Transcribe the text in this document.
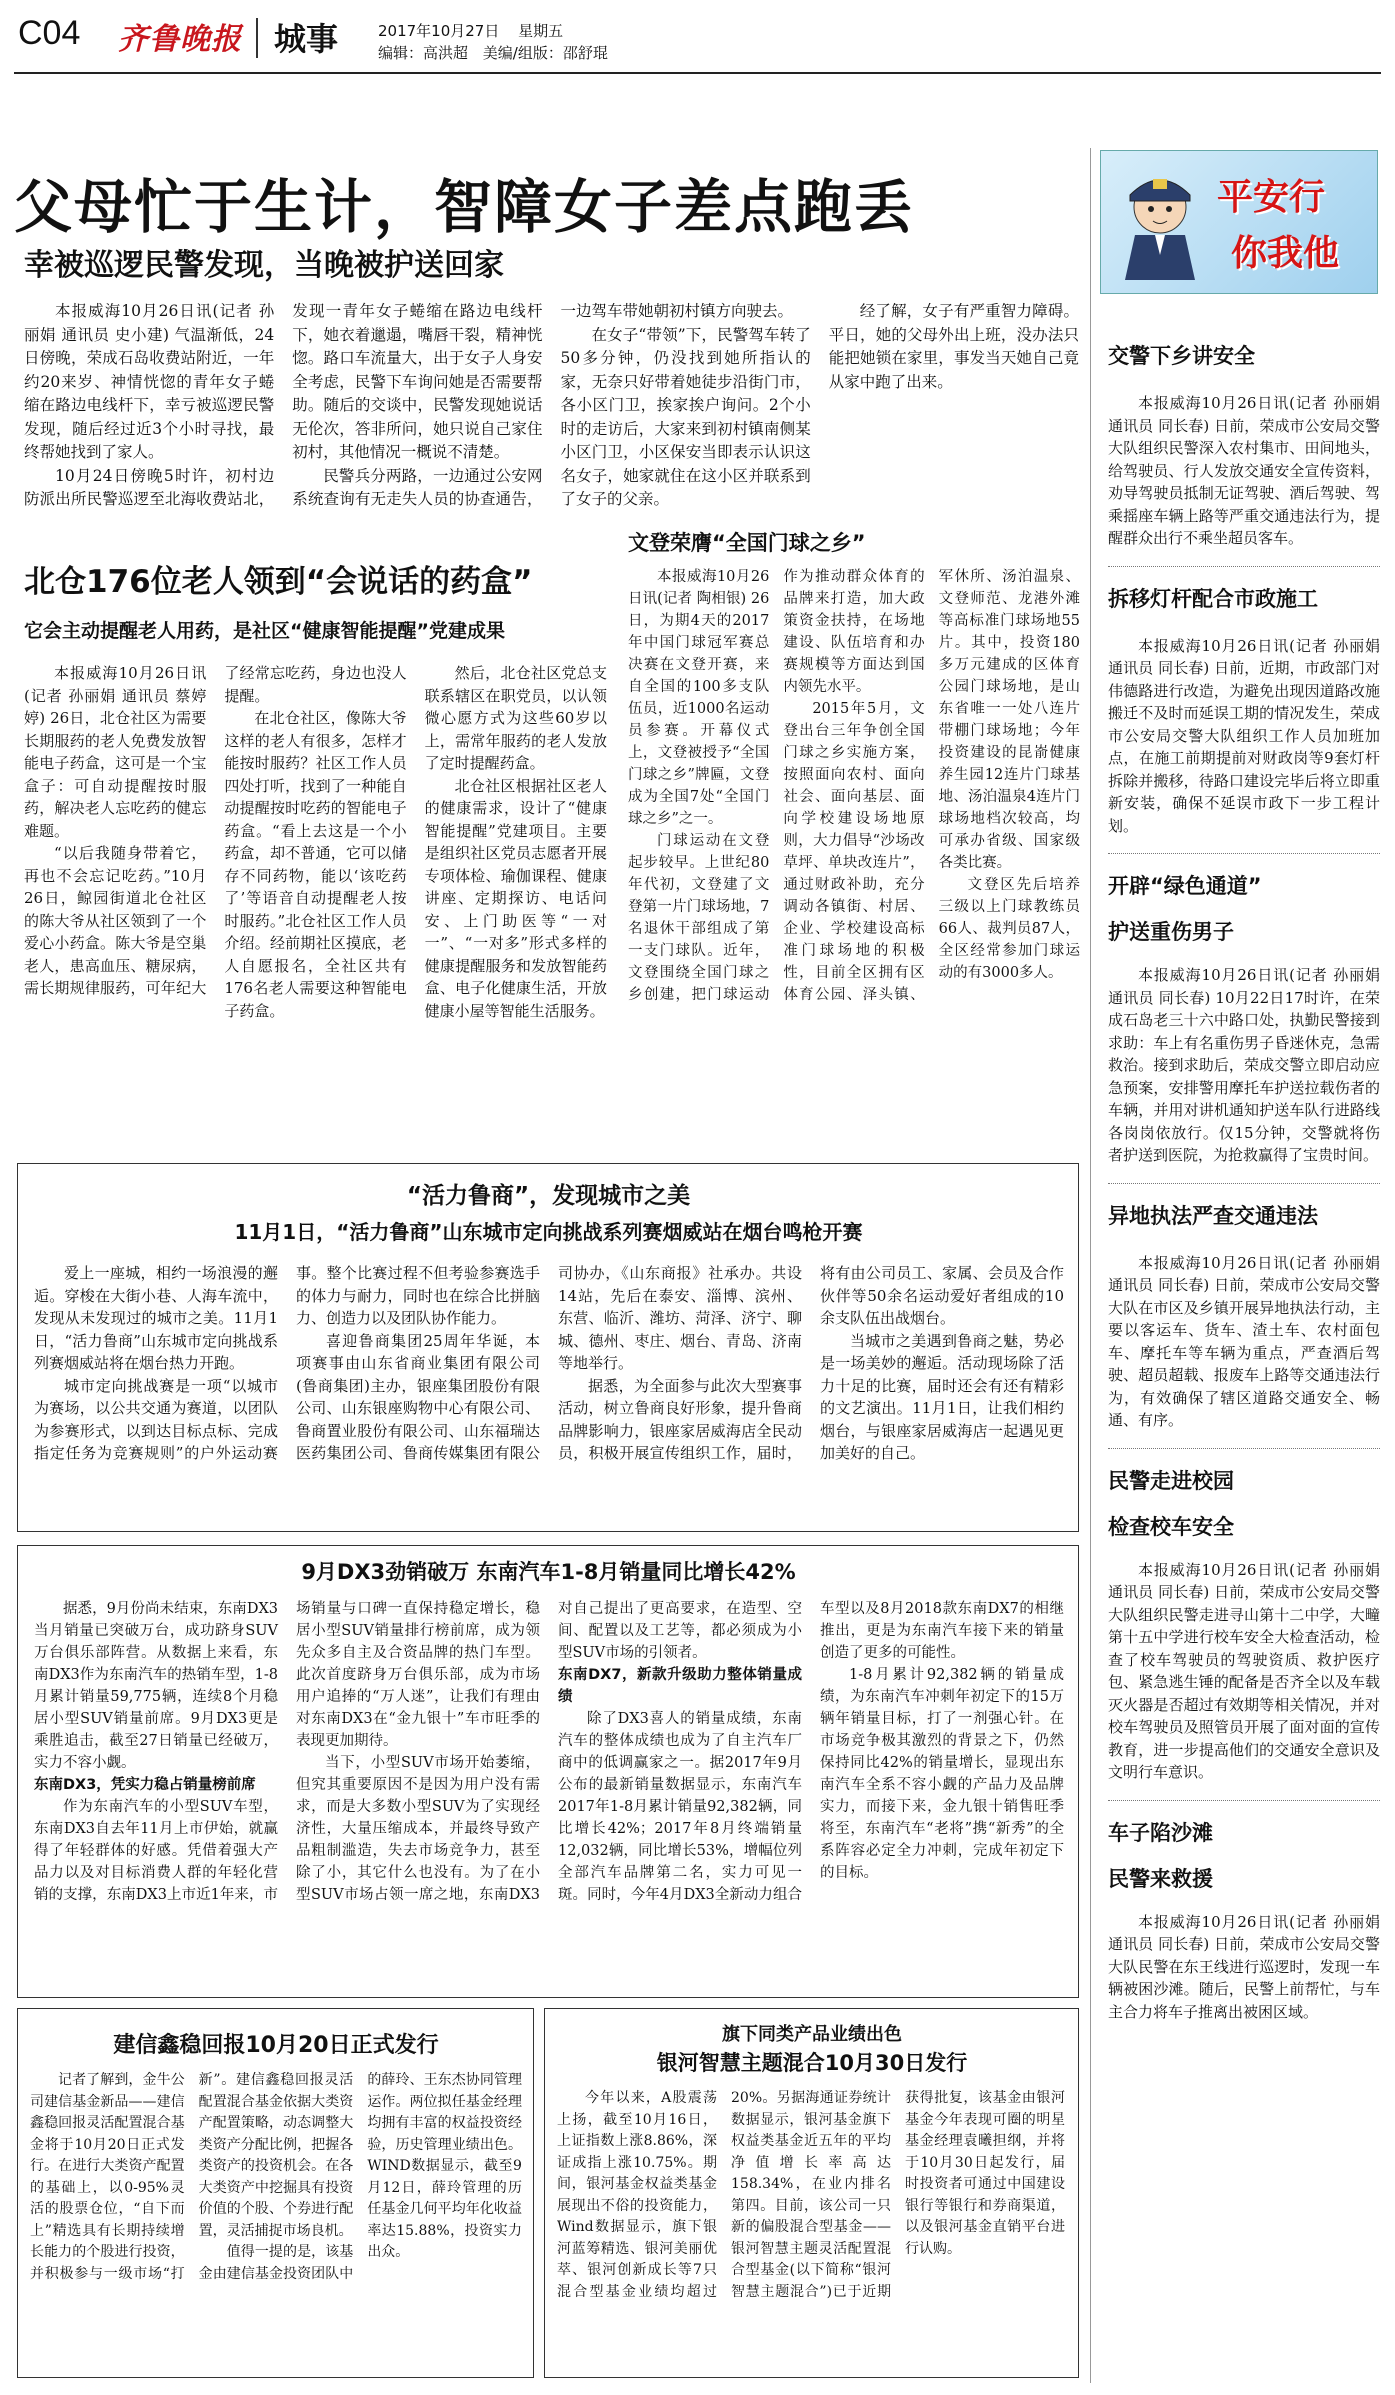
C04 齐鲁晚报 城事	2017年10月27日 星期五
编辑：高洪超 美编/组版：邵舒琨
父母忙于生计，智障女子差点跑丢
幸被巡逻民警发现，当晚被护送回家

本报威海10月26日讯(记者 孙丽娟 通讯员 史小建) 气温渐低，24日傍晚，荣成石岛收费站附近，一年约20来岁、神情恍惚的青年女子蜷缩在路边电线杆下，幸亏被巡逻民警发现，随后经过近3个小时寻找，最终帮她找到了家人。

10月24日傍晚5时许，初村边防派出所民警巡逻至北海收费站北，发现一青年女子蜷缩在路边电线杆下，她衣着邋遢，嘴唇干裂，精神恍惚。路口车流量大，出于女子人身安全考虑，民警下车询问她是否需要帮助。随后的交谈中，民警发现她说话无伦次，答非所问，她只说自己家住初村，其他情况一概说不清楚。

民警兵分两路，一边通过公安网系统查询有无走失人员的协查通告，一边驾车带她朝初村镇方向驶去。

在女子“带领”下，民警驾车转了50多分钟，仍没找到她所指认的家，无奈只好带着她徒步沿街门市，各小区门卫，挨家挨户询问。2个小时的走访后，大家来到初村镇南侧某小区门卫，小区保安当即表示认识这名女子，她家就住在这小区并联系到了女子的父亲。

经了解，女子有严重智力障碍。平日，她的父母外出上班，没办法只能把她锁在家里，事发当天她自己竟从家中跑了出来。

平安行
你我他
北仓176位老人领到“会说话的药盒”
它会主动提醒老人用药，是社区“健康智能提醒”党建成果

本报威海10月26日讯(记者 孙丽娟 通讯员 蔡婷婷) 26日，北仓社区为需要长期服药的老人免费发放智能电子药盒，这可是一个宝盒子：可自动提醒按时服药，解决老人忘吃药的健忘难题。

“以后我随身带着它，再也不会忘记吃药。”10月26日，鲸园街道北仓社区的陈大爷从社区领到了一个爱心小药盒。陈大爷是空巢老人，患高血压、糖尿病，需长期规律服药，可年纪大了经常忘吃药，身边也没人提醒。

在北仓社区，像陈大爷这样的老人有很多，怎样才能按时服药？社区工作人员四处打听，找到了一种能自动提醒按时吃药的智能电子药盒。“看上去这是一个小药盒，却不普通，它可以储存不同药物，能以‘该吃药了’等语音自动提醒老人按时服药。”北仓社区工作人员介绍。经前期社区摸底，老人自愿报名，全社区共有176名老人需要这种智能电子药盒。

然后，北仓社区党总支联系辖区在职党员，以认领微心愿方式为这些60岁以上，需常年服药的老人发放了定时提醒药盒。

北仓社区根据社区老人的健康需求，设计了“健康智能提醒”党建项目。主要是组织社区党员志愿者开展专项体检、瑜伽课程、健康讲座、定期探访、电话问安、上门助医等“一对一”、“一对多”形式多样的健康提醒服务和发放智能药盒、电子化健康生活，开放健康小屋等智能生活服务。

文登荣膺“全国门球之乡”

本报威海10月26日讯(记者 陶相银) 26日，为期4天的2017年中国门球冠军赛总决赛在文登开赛，来自全国的100多支队伍员，近1000名运动员参赛。开幕仪式上，文登被授予“全国门球之乡”牌匾，文登成为全国7处“全国门球之乡”之一。

门球运动在文登起步较早。上世纪80年代初，文登建了文登第一片门球场地，7名退休干部组成了第一支门球队。近年，文登围绕全国门球之乡创建，把门球运动作为推动群众体育的品牌来打造，加大政策资金扶持，在场地建设、队伍培育和办赛规模等方面达到国内领先水平。

2015年5月，文登出台三年争创全国门球之乡实施方案，按照面向农村、面向社会、面向基层、面向学校建设场地原则，大力倡导“沙场改草坪、单块改连片”，通过财政补助，充分调动各镇街、村居、企业、学校建设高标准门球场地的积极性，目前全区拥有区体育公园、泽头镇、军休所、汤泊温泉、文登师范、龙港外滩等高标准门球场地55片。其中，投资180多万元建成的区体育公园门球场地，是山东省唯一一处八连片带棚门球场地；今年投资建设的昆嵛健康养生园12连片门球基地、汤泊温泉4连片门球场地档次较高，均可承办省级、国家级各类比赛。

文登区先后培养三级以上门球教练员66人、裁判员87人，全区经常参加门球运动的有3000多人。

“活力鲁商”，发现城市之美
11月1日，“活力鲁商”山东城市定向挑战系列赛烟威站在烟台鸣枪开赛

爱上一座城，相约一场浪漫的邂逅。穿梭在大街小巷、人海车流中，发现从未发现过的城市之美。11月1日，“活力鲁商”山东城市定向挑战系列赛烟威站将在烟台热力开跑。

城市定向挑战赛是一项“以城市为赛场，以公共交通为赛道，以团队为参赛形式，以到达目标点标、完成指定任务为竞赛规则”的户外运动赛事。整个比赛过程不但考验参赛选手的体力与耐力，同时也在综合比拼脑力、创造力以及团队协作能力。

喜迎鲁商集团25周年华诞，本项赛事由山东省商业集团有限公司(鲁商集团)主办，银座集团股份有限公司、山东银座购物中心有限公司、鲁商置业股份有限公司、山东福瑞达医药集团公司、鲁商传媒集团有限公司协办，《山东商报》社承办。共设14站，先后在泰安、淄博、滨州、东营、临沂、潍坊、菏泽、济宁、聊城、德州、枣庄、烟台、青岛、济南等地举行。

据悉，为全面参与此次大型赛事活动，树立鲁商良好形象，提升鲁商品牌影响力，银座家居威海店全民动员，积极开展宣传组织工作，届时，将有由公司员工、家属、会员及合作伙伴等50余名运动爱好者组成的10余支队伍出战烟台。

当城市之美遇到鲁商之魅，势必是一场美妙的邂逅。活动现场除了活力十足的比赛，届时还会有还有精彩的文艺演出。11月1日，让我们相约烟台，与银座家居威海店一起遇见更加美好的自己。

9月DX3劲销破万 东南汽车1-8月销量同比增长42%

据悉，9月份尚未结束，东南DX3当月销量已突破万台，成功跻身SUV万台俱乐部阵营。从数据上来看，东南DX3作为东南汽车的热销车型，1-8月累计销量59,775辆，连续8个月稳居小型SUV销量前席。9月DX3更是乘胜追击，截至27日销量已经破万，实力不容小觑。

东南DX3，凭实力稳占销量榜前席

作为东南汽车的小型SUV车型，东南DX3自去年11月上市伊始，就赢得了年轻群体的好感。凭借着强大产品力以及对目标消费人群的年轻化营销的支撑，东南DX3上市近1年来，市场销量与口碑一直保持稳定增长，稳居小型SUV销量排行榜前席，成为领先众多自主及合资品牌的热门车型。此次首度跻身万台俱乐部，成为市场用户追捧的“万人迷”，让我们有理由对东南DX3在“金九银十”车市旺季的表现更加期待。

当下，小型SUV市场开始萎缩，但究其重要原因不是因为用户没有需求，而是大多数小型SUV为了实现经济性，大量压缩成本，并最终导致产品粗制滥造，失去市场竞争力，甚至除了小，其它什么也没有。为了在小型SUV市场占领一席之地，东南DX3对自己提出了更高要求，在造型、空间、配置以及工艺等，都必须成为小型SUV市场的引领者。

东南DX7，新款升级助力整体销量成绩

除了DX3喜人的销量成绩，东南汽车的整体成绩也成为了自主汽车厂商中的低调赢家之一。据2017年9月公布的最新销量数据显示，东南汽车2017年1-8月累计销量92,382辆，同比增长42%；2017年8月终端销量12,032辆，同比增长53%，增幅位列全部汽车品牌第二名，实力可见一斑。同时，今年4月DX3全新动力组合车型以及8月2018款东南DX7的相继推出，更是为东南汽车接下来的销量创造了更多的可能性。

1-8月累计92,382辆的销量成绩，为东南汽车冲刺年初定下的15万辆年销量目标，打了一剂强心针。在市场竞争极其激烈的背景之下，仍然保持同比42%的销量增长，显现出东南汽车全系不容小觑的产品力及品牌实力，而接下来，金九银十销售旺季将至，东南汽车“老将”携“新秀”的全系阵容必定全力冲刺，完成年初定下的目标。

建信鑫稳回报10月20日正式发行

记者了解到，金牛公司建信基金新品——建信鑫稳回报灵活配置混合基金将于10月20日正式发行。在进行大类资产配置的基础上，以0-95%灵活的股票仓位，“自下而上”精选具有长期持续增长能力的个股进行投资，并积极参与一级市场“打新”。建信鑫稳回报灵活配置混合基金依据大类资产配置策略，动态调整大类资产分配比例，把握各类资产的投资机会。在各大类资产中挖掘具有投资价值的个股、个券进行配置，灵活捕捉市场良机。

值得一提的是，该基金由建信基金投资团队中的薛玲、王东杰协同管理运作。两位拟任基金经理均拥有丰富的权益投资经验，历史管理业绩出色。WIND数据显示，截至9月12日，薛玲管理的历任基金几何平均年化收益率达15.88%，投资实力出众。

旗下同类产品业绩出色
银河智慧主题混合10月30日发行

今年以来，A股震荡上扬，截至10月16日，上证指数上涨8.86%，深证成指上涨10.75%。期间，银河基金权益类基金展现出不俗的投资能力，Wind数据显示，旗下银河蓝筹精选、银河美丽优萃、银河创新成长等7只混合型基金业绩均超过20%。另据海通证券统计数据显示，银河基金旗下权益类基金近五年的平均净值增长率高达158.34%，在业内排名第四。目前，该公司一只新的偏股混合型基金——银河智慧主题灵活配置混合型基金(以下简称“银河智慧主题混合”)已于近期获得批复，该基金由银河基金今年表现可圈的明星基金经理袁曦担纲，并将于10月30日起发行，届时投资者可通过中国建设银行等银行和券商渠道，以及银河基金直销平台进行认购。

交警下乡讲安全

本报威海10月26日讯(记者 孙丽娟 通讯员 同长春) 日前，荣成市公安局交警大队组织民警深入农村集市、田间地头，给驾驶员、行人发放交通安全宣传资料，劝导驾驶员抵制无证驾驶、酒后驾驶、驾乘摇座车辆上路等严重交通违法行为，提醒群众出行不乘坐超员客车。

拆移灯杆配合市政施工

本报威海10月26日讯(记者 孙丽娟 通讯员 同长春) 日前，近期，市政部门对伟德路进行改造，为避免出现因道路改施搬迁不及时而延误工期的情况发生，荣成市公安局交警大队组织工作人员加班加点，在施工前期提前对财政岗等9套灯杆拆除并搬移，待路口建设完毕后将立即重新安装，确保不延误市政下一步工程计划。

开辟“绿色通道”
护送重伤男子

本报威海10月26日讯(记者 孙丽娟 通讯员 同长春) 10月22日17时许，在荣成石岛老三十六中路口处，执勤民警接到求助：车上有名重伤男子昏迷休克，急需救治。接到求助后，荣成交警立即启动应急预案，安排警用摩托车护送拉载伤者的车辆，并用对讲机通知护送车队行进路线各岗岗依放行。仅15分钟，交警就将伤者护送到医院，为抢救赢得了宝贵时间。

异地执法严查交通违法

本报威海10月26日讯(记者 孙丽娟 通讯员 同长春) 日前，荣成市公安局交警大队在市区及乡镇开展异地执法行动，主要以客运车、货车、渣土车、农村面包车、摩托车等车辆为重点，严查酒后驾驶、超员超载、报废车上路等交通违法行为，有效确保了辖区道路交通安全、畅通、有序。

民警走进校园
检查校车安全

本报威海10月26日讯(记者 孙丽娟 通讯员 同长春) 日前，荣成市公安局交警大队组织民警走进寻山第十二中学，大疃第十五中学进行校车安全大检查活动，检查了校车驾驶员的驾驶资质、救护医疗包、紧急逃生锤的配备是否齐全以及车载灭火器是否超过有效期等相关情况，并对校车驾驶员及照管员开展了面对面的宣传教育，进一步提高他们的交通安全意识及文明行车意识。

车子陷沙滩
民警来救援

本报威海10月26日讯(记者 孙丽娟 通讯员 同长春) 日前，荣成市公安局交警大队民警在东王线进行巡逻时，发现一车辆被困沙滩。随后，民警上前帮忙，与车主合力将车子推离出被困区域。
